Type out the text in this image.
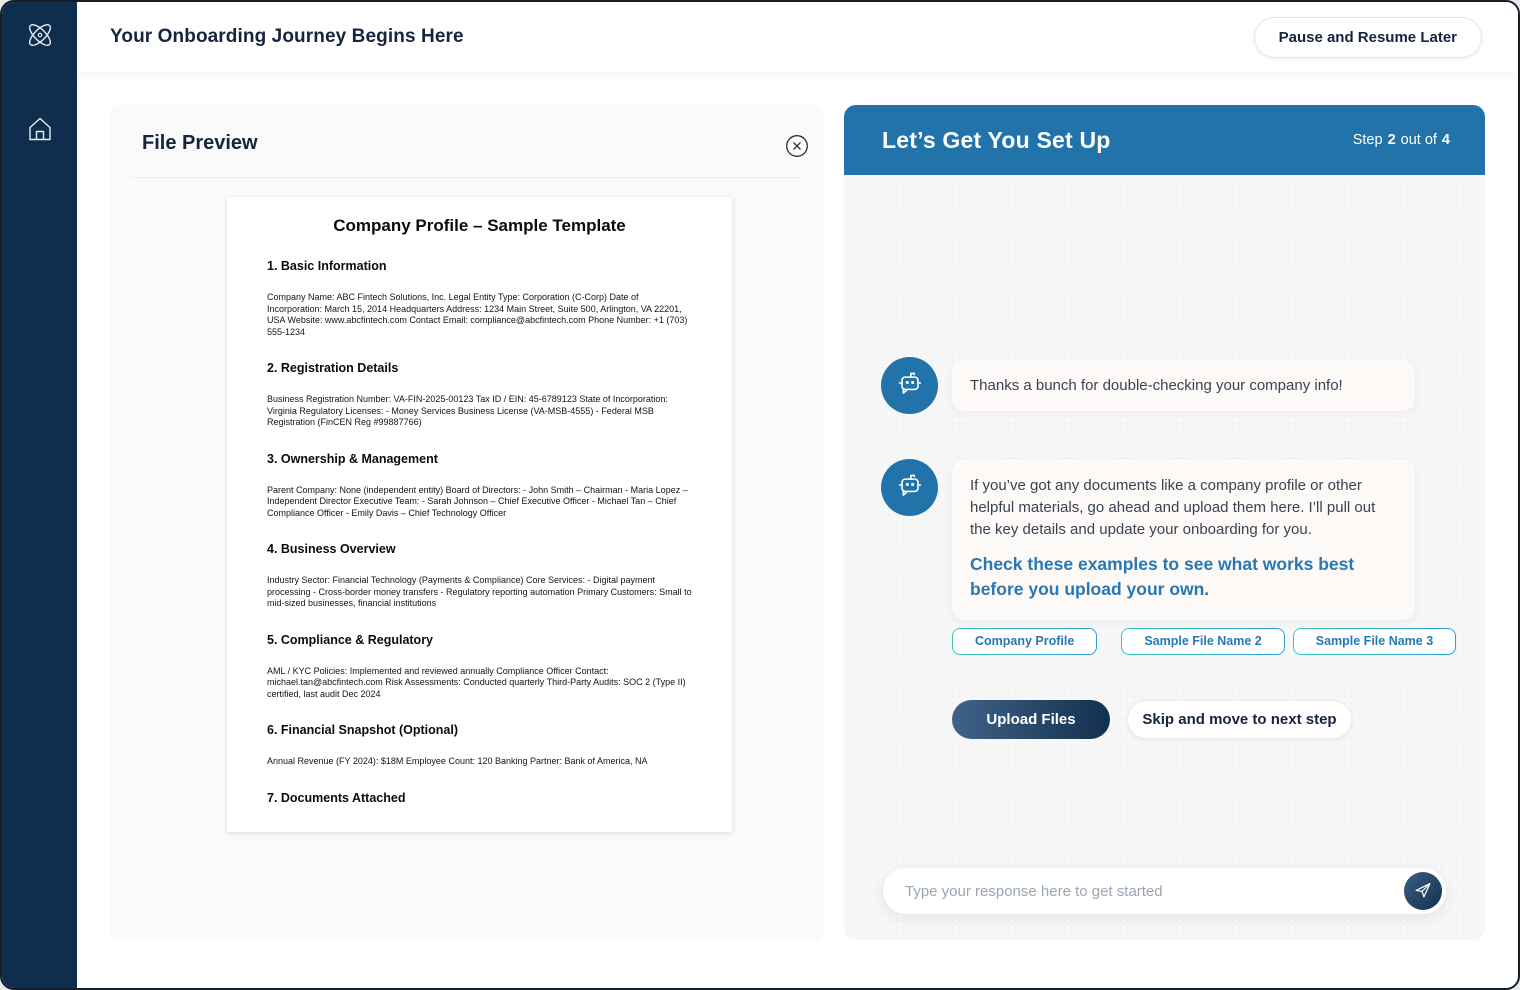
Your Onboarding Journey Begins Here	Pause and Resume Later
File Preview
Company Profile – Sample Template
1. Basic Information

Company Name: ABC Fintech Solutions, Inc. Legal Entity Type: Corporation (C-Corp) Date of Incorporation: March 15, 2014 Headquarters Address: 1234 Main Street, Suite 500, Arlington, VA 22201, USA Website: www.abcfintech.com Contact Email: compliance@abcfintech.com Phone Number: +1 (703) 555-1234

2. Registration Details

Business Registration Number: VA-FIN-2025-00123 Tax ID / EIN: 45-6789123 State of Incorporation: Virginia Regulatory Licenses: - Money Services Business License (VA-MSB-4555) - Federal MSB Registration (FinCEN Reg #99887766)

3. Ownership & Management

Parent Company: None (independent entity) Board of Directors: - John Smith – Chairman - Maria Lopez – Independent Director Executive Team: - Sarah Johnson – Chief Executive Officer - Michael Tan – Chief Compliance Officer - Emily Davis – Chief Technology Officer

4. Business Overview

Industry Sector: Financial Technology (Payments & Compliance) Core Services: - Digital payment processing - Cross-border money transfers - Regulatory reporting automation Primary Customers: Small to mid-sized businesses, financial institutions

5. Compliance & Regulatory

AML / KYC Policies: Implemented and reviewed annually Compliance Officer Contact: michael.tan@abcfintech.com Risk Assessments: Conducted quarterly Third-Party Audits: SOC 2 (Type II) certified, last audit Dec 2024

6. Financial Snapshot (Optional)

Annual Revenue (FY 2024): $18M Employee Count: 120 Banking Partner: Bank of America, NA

7. Documents Attached
Let’s Get You Set Up	Step 2 out of 4
Thanks a bunch for double-checking your company info!
If you’ve got any documents like a company profile or other helpful materials, go ahead and upload them here. I’ll pull out the key details and update your onboarding for you.
Check these examples to see what works best before you upload your own.
Company Profile	Sample File Name 2	Sample File Name 3
Upload Files	Skip and move to next step
Type your response here to get started
